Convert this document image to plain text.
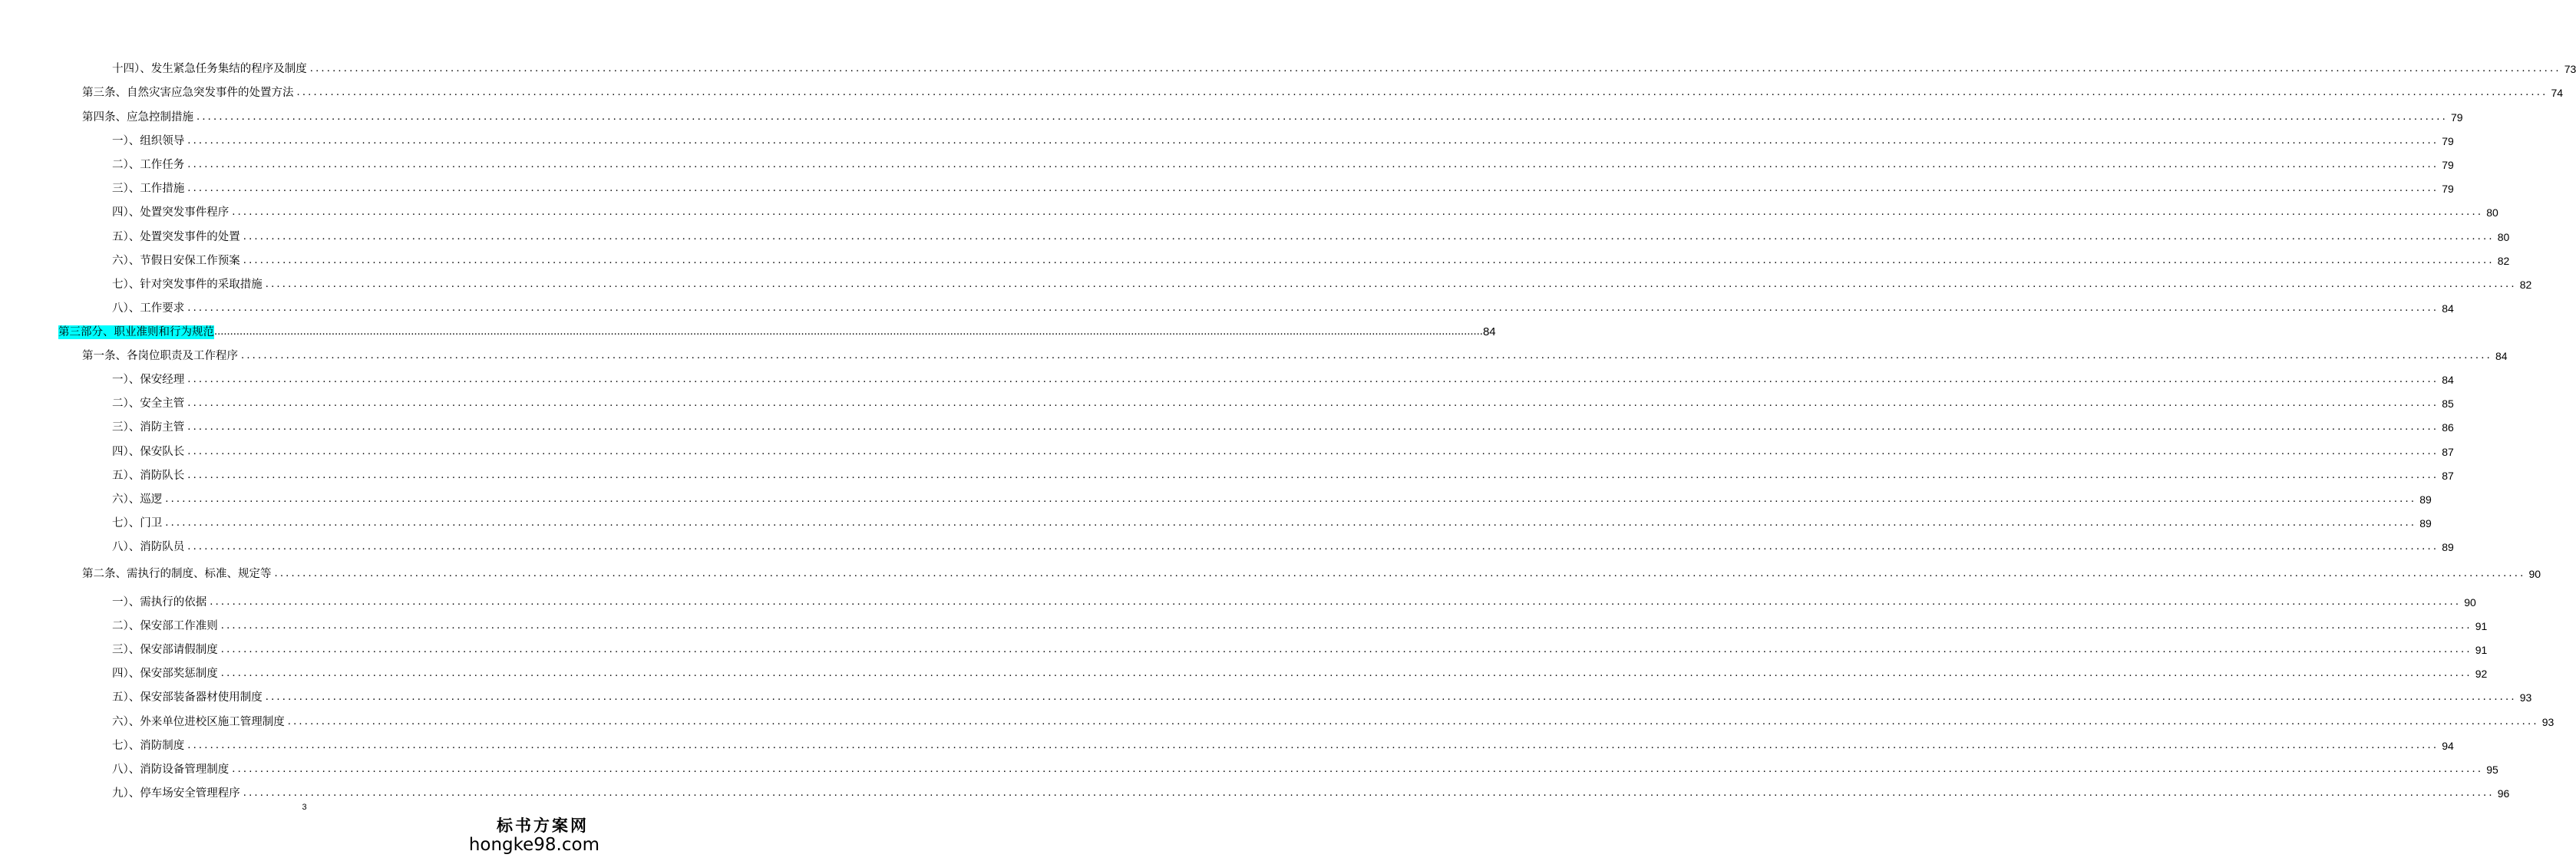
十四）、发生紧急任务集结的程序及制度 ................................................................................................................................................................................................................................................................................................................................................................................................................ 73
第三条、自然灾害应急突发事件的处置方法 ................................................................................................................................................................................................................................................................................................................................................................................................................ 74
第四条、应急控制措施 ................................................................................................................................................................................................................................................................................................................................................................................................................ 79
一）、组织领导 ................................................................................................................................................................................................................................................................................................................................................................................................................ 79
二）、工作任务 ................................................................................................................................................................................................................................................................................................................................................................................................................ 79
三）、工作措施 ................................................................................................................................................................................................................................................................................................................................................................................................................ 79
四）、处置突发事件程序 ................................................................................................................................................................................................................................................................................................................................................................................................................ 80
五）、处置突发事件的处置 ................................................................................................................................................................................................................................................................................................................................................................................................................ 80
六）、节假日安保工作预案 ................................................................................................................................................................................................................................................................................................................................................................................................................ 82
七）、针对突发事件的采取措施 ................................................................................................................................................................................................................................................................................................................................................................................................................ 82
八）、工作要求 ................................................................................................................................................................................................................................................................................................................................................................................................................ 84
第三部分、职业准则和行为规范 ................................................................................................................................................................................................................................................................................................................................................................................................................ 84
第一条、各岗位职责及工作程序 ................................................................................................................................................................................................................................................................................................................................................................................................................ 84
一）、保安经理 ................................................................................................................................................................................................................................................................................................................................................................................................................ 84
二）、安全主管 ................................................................................................................................................................................................................................................................................................................................................................................................................ 85
三）、消防主管 ................................................................................................................................................................................................................................................................................................................................................................................................................ 86
四）、保安队长 ................................................................................................................................................................................................................................................................................................................................................................................................................ 87
五）、消防队长 ................................................................................................................................................................................................................................................................................................................................................................................................................ 87
六）、巡逻 ................................................................................................................................................................................................................................................................................................................................................................................................................ 89
七）、门卫 ................................................................................................................................................................................................................................................................................................................................................................................................................ 89
八）、消防队员 ................................................................................................................................................................................................................................................................................................................................................................................................................ 89
第二条、需执行的制度、标准、规定等 ................................................................................................................................................................................................................................................................................................................................................................................................................ 90
一）、需执行的依据 ................................................................................................................................................................................................................................................................................................................................................................................................................ 90
二）、保安部工作准则 ................................................................................................................................................................................................................................................................................................................................................................................................................ 91
三）、保安部请假制度 ................................................................................................................................................................................................................................................................................................................................................................................................................ 91
四）、保安部奖惩制度 ................................................................................................................................................................................................................................................................................................................................................................................................................ 92
五）、保安部装备器材使用制度 ................................................................................................................................................................................................................................................................................................................................................................................................................ 93
六）、外来单位进校区施工管理制度 ................................................................................................................................................................................................................................................................................................................................................................................................................ 93
七）、消防制度 ................................................................................................................................................................................................................................................................................................................................................................................................................ 94
八）、消防设备管理制度 ................................................................................................................................................................................................................................................................................................................................................................................................................ 95
九）、停车场安全管理程序 ................................................................................................................................................................................................................................................................................................................................................................................................................ 96
3
标书方案网
hongke98.com
